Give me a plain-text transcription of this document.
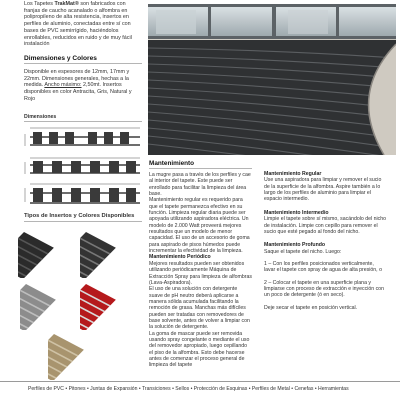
Los Tapetes TrakMat® son fabricados con franjas de caucho acanalado o alfombra en polipropileno de alta resistencia, insertos en perfiles de aluminio, conectadas entre sí con bases de PVC semirrígido, haciéndolos enrollables, reducidos en ruido y de muy fácil instalación

Dimensiones y Colores

Disponible en espesores de 12mm, 17mm y 22mm. Dimensiones generales, hechas a la medida. Ancho máximo: 2,50mt. Insertos disponibles en color Antracita, Gris, Natural y Rojo

Dimensiones
Tipos de Insertos y Colores Disponibles
Mantenimiento

La mugre pasa a través de los perfiles y cae al interior del tapete. Este puede ser enrollado para facilitar la limpieza del área base.

Mantenimiento regular es requerido para que el tapete permanezca efectivo en su función. Limpieza regular diaria puede ser apoyada utilizando aspiradora eléctrica. Un modelo de 2.000 Watt proveerá mejores resultados que un modelo de menor capacidad. El uso de un accesorio de goma para aspirado de pisos húmedos puede incrementar la efectividad de la limpieza.

Mantenimiento Periódico

Mejores resultados pueden ser obtenidos utilizando periódicamente Máquina de Extracción Spray para limpieza de alfombras (Lava-Aspiradora).

El uso de una solución con detergente suave de pH neutro deberá aplicarse a manera sólida acumulada facilitando la remoción de grasa. Manchas más difíciles pueden ser tratadas con removedores de base solvente, antes de volver a limpiar con la solución de detergente.

La goma de mascar puede ser removida usando spray congelante o mediante el uso del removedor apropiado, luego cepillando el piso de la alfombra. Esto debe hacerse antes de comenzar el proceso general de limpieza del tapete

Mantenimiento Regular

Use una aspiradora para limpiar y remover el sucio de la superficie de la alfombra. Aspire también a lo largo de los perfiles de aluminio para limpiar el espacio intermedio.

Mantenimiento Intermedio

Limpie el tapete sobre sí mismo, sacándolo del nicho de instalación. Limpie con cepillo para remover el sucio que esté pegado al fondo del nicho.

Mantenimiento Profundo

Saque el tapete del nicho. Luego:

1 – Con los perfiles posicionados verticalmente, lavar el tapete con spray de agua de alta presión, o

2 – Colocar el tapete en una superficie plana y limpiarse con proceso de extracción e inyección con un poco de detergente (ó en seco).

Deje secar el tapete en posición vertical.

Perfiles de PVC • Pitones • Juntas de Expansión • Transiciones • Sellos • Protección de Esquinas • Perfiles de Metal • Cenefas • Herramientas
